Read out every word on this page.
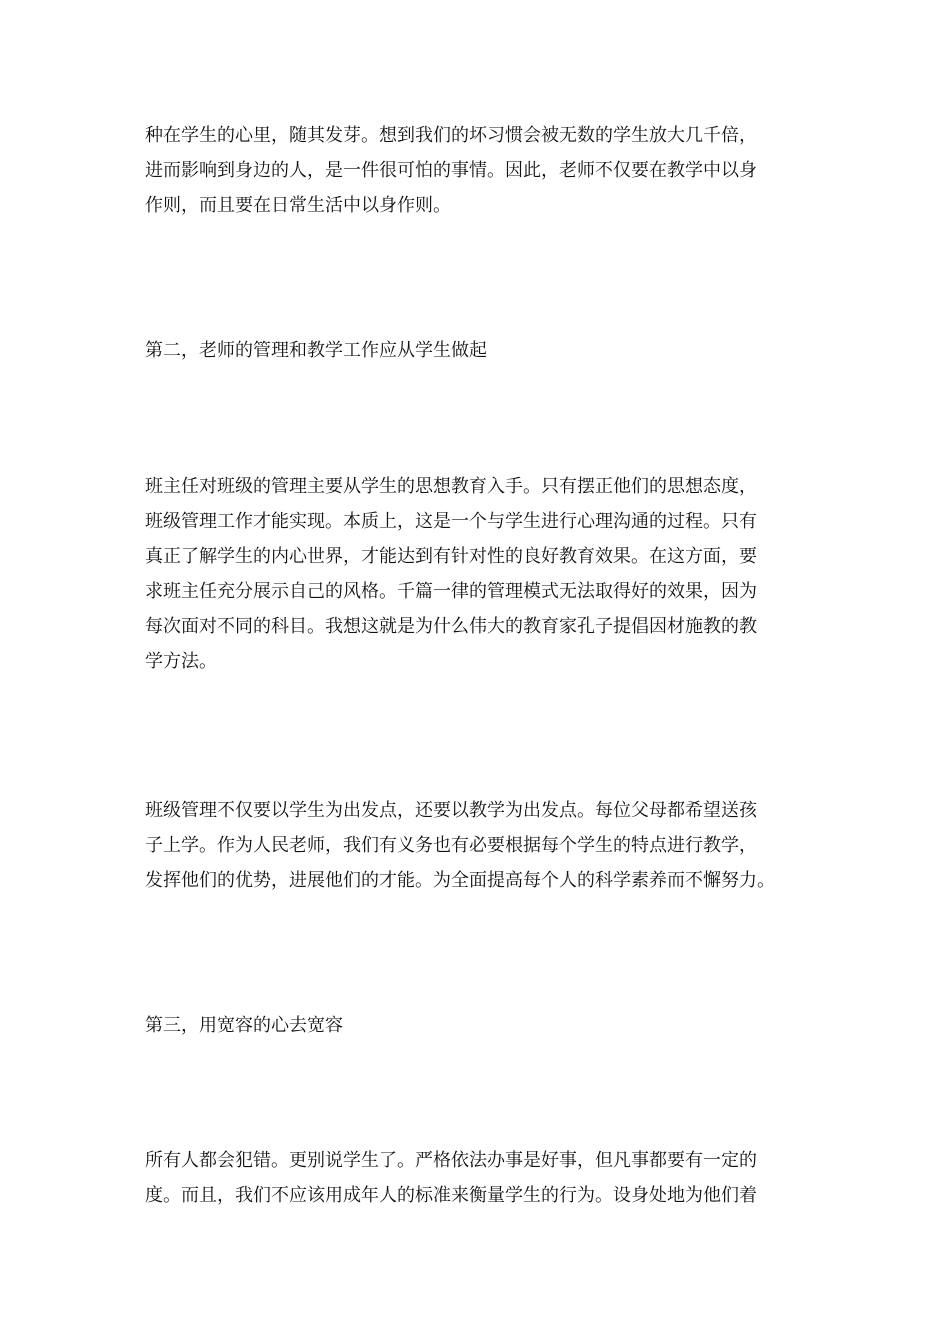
种在学生的心里，随其发芽。想到我们的坏习惯会被无数的学生放大几千倍，
进而影响到身边的人，是一件很可怕的事情。因此，老师不仅要在教学中以身
作则，而且要在日常生活中以身作则。

第二，老师的管理和教学工作应从学生做起

班主任对班级的管理主要从学生的思想教育入手。只有摆正他们的思想态度，
班级管理工作才能实现。本质上，这是一个与学生进行心理沟通的过程。只有
真正了解学生的内心世界，才能达到有针对性的良好教育效果。在这方面，要
求班主任充分展示自己的风格。千篇一律的管理模式无法取得好的效果，因为
每次面对不同的科目。我想这就是为什么伟大的教育家孔子提倡因材施教的教
学方法。

班级管理不仅要以学生为出发点，还要以教学为出发点。每位父母都希望送孩
子上学。作为人民老师，我们有义务也有必要根据每个学生的特点进行教学，
发挥他们的优势，进展他们的才能。为全面提高每个人的科学素养而不懈努力。

第三，用宽容的心去宽容

所有人都会犯错。更别说学生了。严格依法办事是好事，但凡事都要有一定的
度。而且，我们不应该用成年人的标准来衡量学生的行为。设身处地为他们着
